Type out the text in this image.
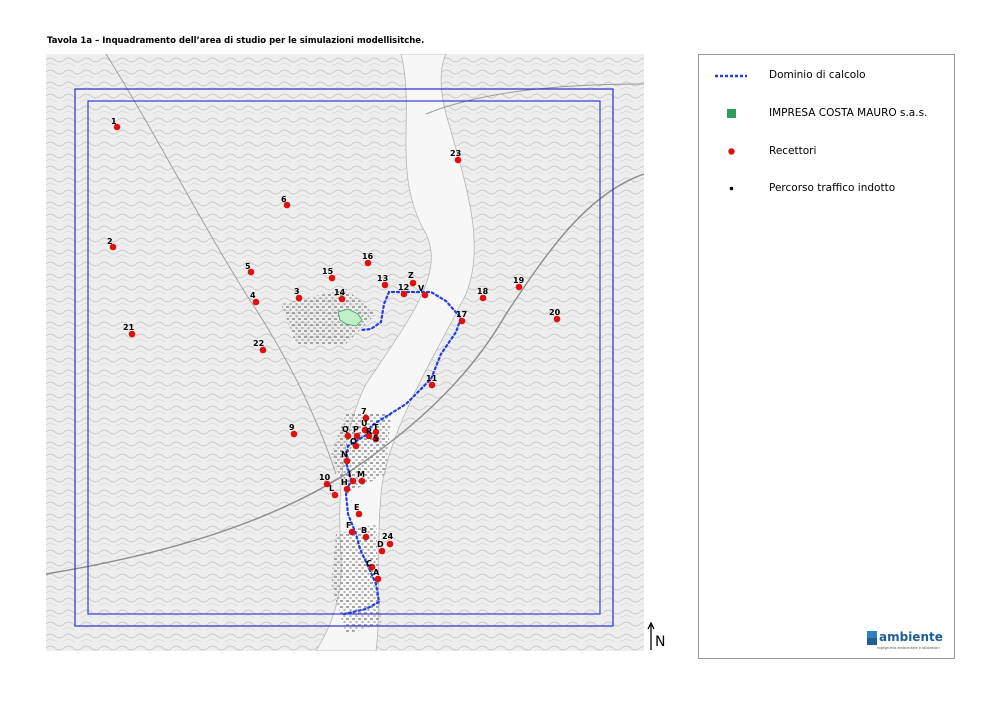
Tavola 1a – Inquadramento dell’area di studio per le simulazioni modellisitche.
1
2
3
4
5
6
7
9
10
11
12
13
14
15
16
17
18
19
20
21
22
23
24
Z
V
Q P
U
R T
S
O
N
M
I
H
L
E
F
B
C
D
A
N
Dominio di calcolo
IMPRESA COSTA MAURO s.a.s.
Recettori
Percorso traffico indotto
ambiente
ingegneria ambientale e laboratori
